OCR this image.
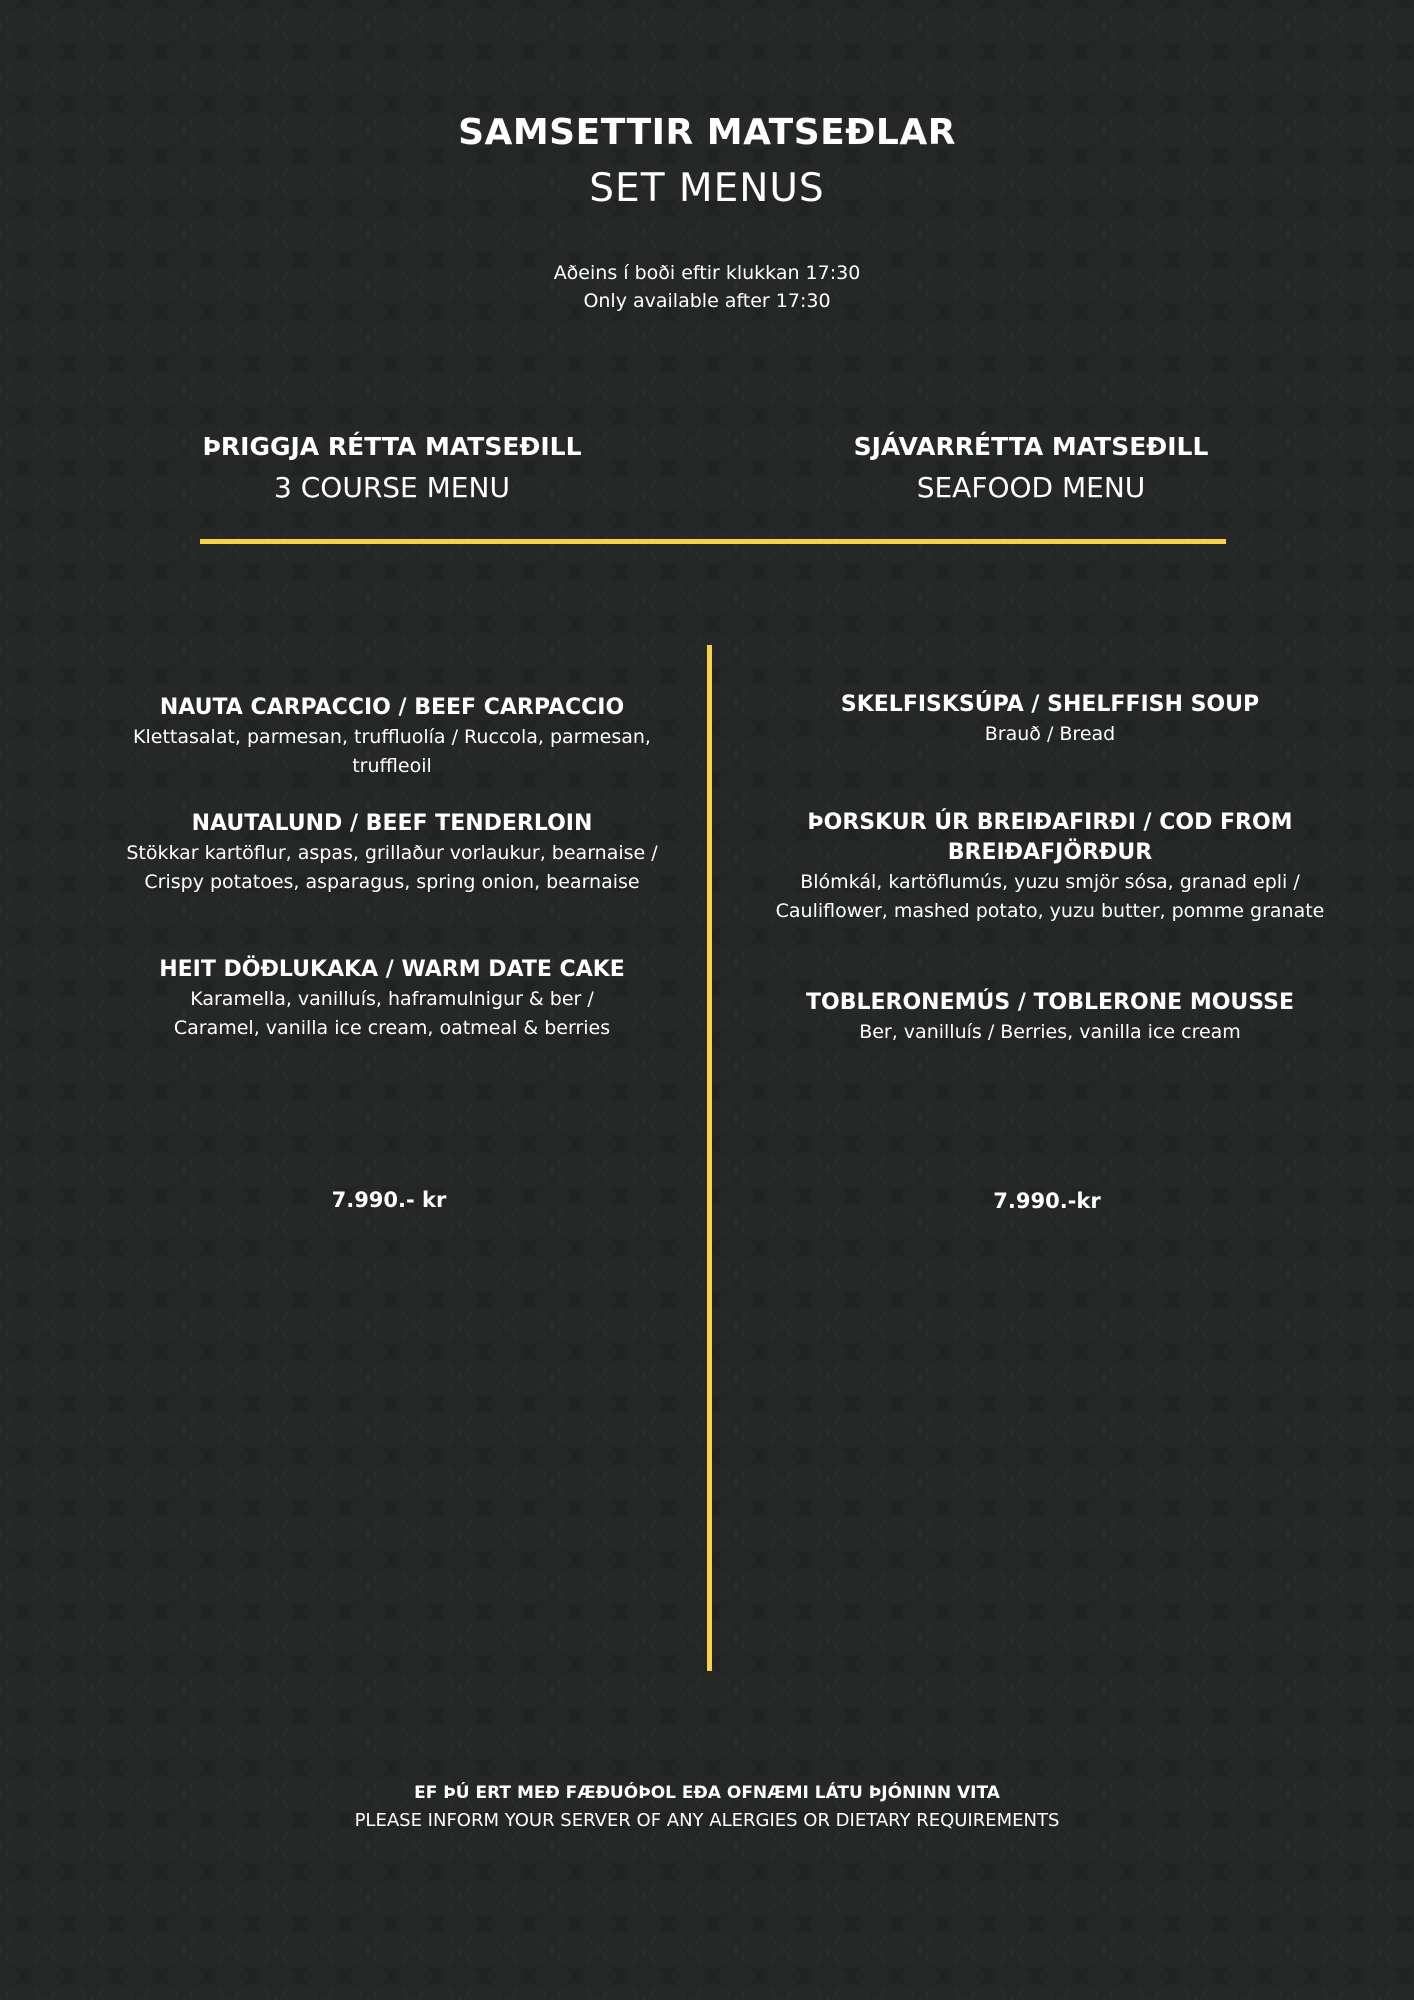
SAMSETTIR MATSEÐLAR
SET MENUS
Aðeins í boði eftir klukkan 17:30
Only available after 17:30
ÞRIGGJA RÉTTA MATSEÐILL
3 COURSE MENU
SJÁVARRÉTTA MATSEÐILL
SEAFOOD MENU
NAUTA CARPACCIO / BEEF CARPACCIO
Klettasalat, parmesan, truffluolía / Ruccola, parmesan,
truffleoil
NAUTALUND / BEEF TENDERLOIN
Stökkar kartöflur, aspas, grillaður vorlaukur, bearnaise /
Crispy potatoes, asparagus, spring onion, bearnaise
HEIT DÖÐLUKAKA / WARM DATE CAKE
Karamella, vanilluís, haframulnigur & ber /
Caramel, vanilla ice cream, oatmeal & berries
7.990.- kr
SKELFISKSÚPA / SHELFFISH SOUP
Brauð / Bread
ÞORSKUR ÚR BREIÐAFIRÐI / COD FROM
BREIÐAFJÖRÐUR
Blómkál, kartöflumús, yuzu smjör sósa, granad epli /
Cauliflower, mashed potato, yuzu butter, pomme granate
TOBLERONEMÚS / TOBLERONE MOUSSE
Ber, vanilluís / Berries, vanilla ice cream
7.990.-kr
EF ÞÚ ERT MEÐ FÆÐUÓÞOL EÐA OFNÆMI LÁTU ÞJÓNINN VITA
PLEASE INFORM YOUR SERVER OF ANY ALERGIES OR DIETARY REQUIREMENTS
